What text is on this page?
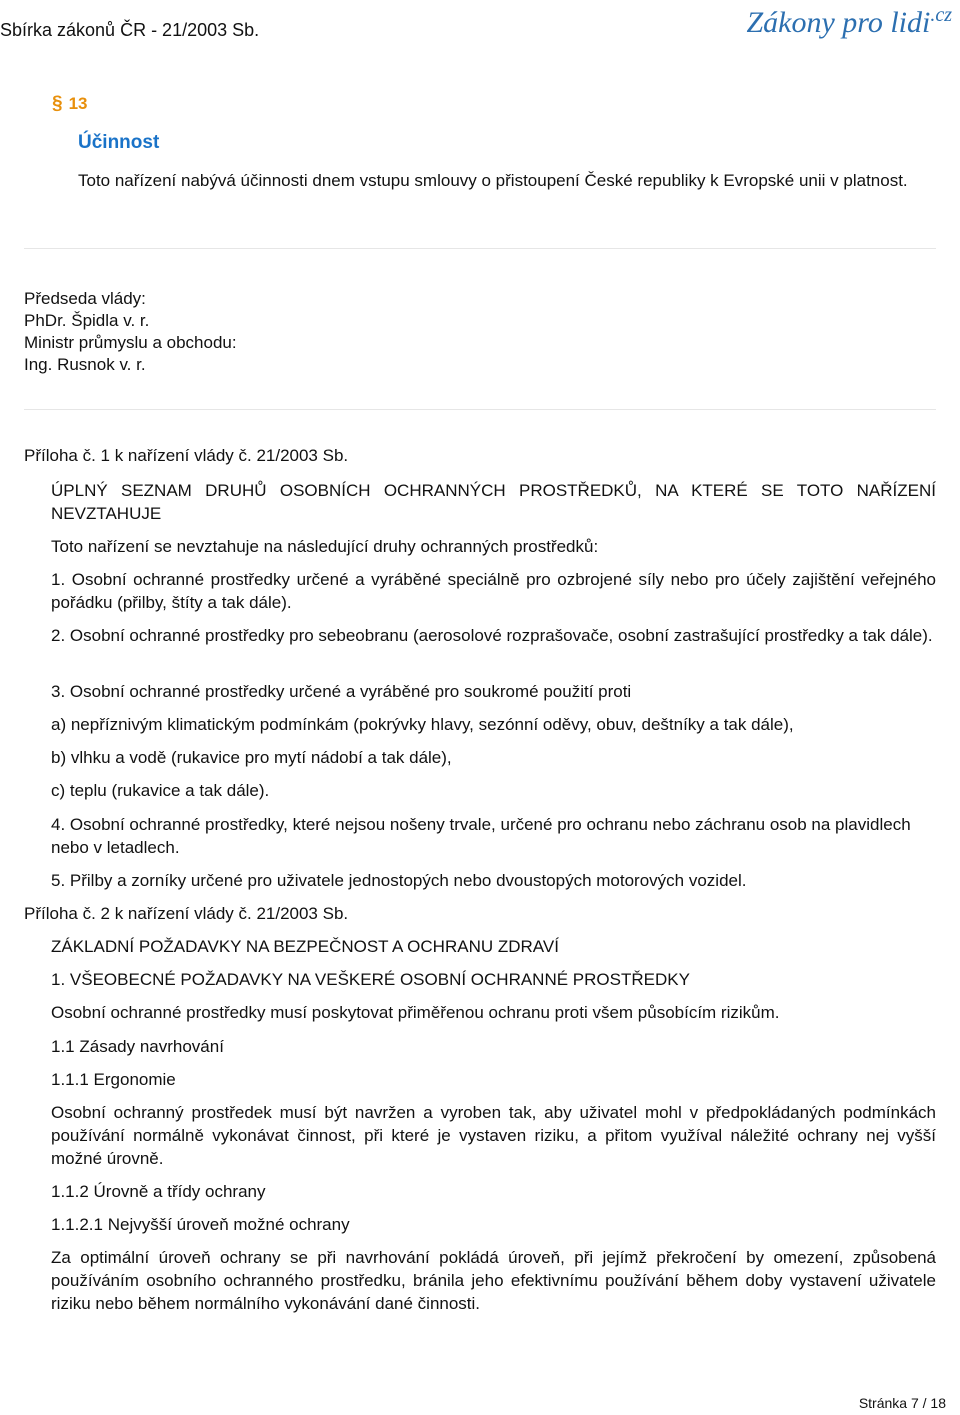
Sbírka zákonů ČR - 21/2003 Sb.	Zákony pro lidi$^{.cz}$
§ 13
Účinnost
Toto nařízení nabývá účinnosti dnem vstupu smlouvy o přistoupení České republiky k Evropské unii v platnost.
Předseda vlády:
PhDr. Špidla v. r.
Ministr průmyslu a obchodu:
Ing. Rusnok v. r.
Příloha č. 1 k nařízení vlády č. 21/2003 Sb.
ÚPLNÝ SEZNAM DRUHŮ OSOBNÍCH OCHRANNÝCH PROSTŘEDKŮ, NA KTERÉ SE TOTO NAŘÍZENÍ NEVZTAHUJE
Toto nařízení se nevztahuje na následující druhy ochranných prostředků:
1. Osobní ochranné prostředky určené a vyráběné speciálně pro ozbrojené síly nebo pro účely zajištění veřejného pořádku (přilby, štíty a tak dále).
2. Osobní ochranné prostředky pro sebeobranu (aerosolové rozprašovače, osobní zastrašující prostředky a tak dále).
3. Osobní ochranné prostředky určené a vyráběné pro soukromé použití proti
a) nepříznivým klimatickým podmínkám (pokrývky hlavy, sezónní oděvy, obuv, deštníky a tak dále),
b) vlhku a vodě (rukavice pro mytí nádobí a tak dále),
c) teplu (rukavice a tak dále).
4. Osobní ochranné prostředky, které nejsou nošeny trvale, určené pro ochranu nebo záchranu osob na plavidlech nebo v letadlech.
5. Přilby a zorníky určené pro uživatele jednostopých nebo dvoustopých motorových vozidel.
Příloha č. 2 k nařízení vlády č. 21/2003 Sb.
ZÁKLADNÍ POŽADAVKY NA BEZPEČNOST A OCHRANU ZDRAVÍ
1. VŠEOBECNÉ POŽADAVKY NA VEŠKERÉ OSOBNÍ OCHRANNÉ PROSTŘEDKY
Osobní ochranné prostředky musí poskytovat přiměřenou ochranu proti všem působícím rizikům.
1.1 Zásady navrhování
1.1.1 Ergonomie
Osobní ochranný prostředek musí být navržen a vyroben tak, aby uživatel mohl v předpokládaných podmínkách používání normálně vykonávat činnost, při které je vystaven riziku, a přitom využíval náležité ochrany nej vyšší možné úrovně.
1.1.2 Úrovně a třídy ochrany
1.1.2.1 Nejvyšší úroveň možné ochrany
Za optimální úroveň ochrany se při navrhování pokládá úroveň, při jejímž překročení by omezení, způsobená používáním osobního ochranného prostředku, bránila jeho efektivnímu používání během doby vystavení uživatele riziku nebo během normálního vykonávání dané činnosti.
Stránka 7 / 18
